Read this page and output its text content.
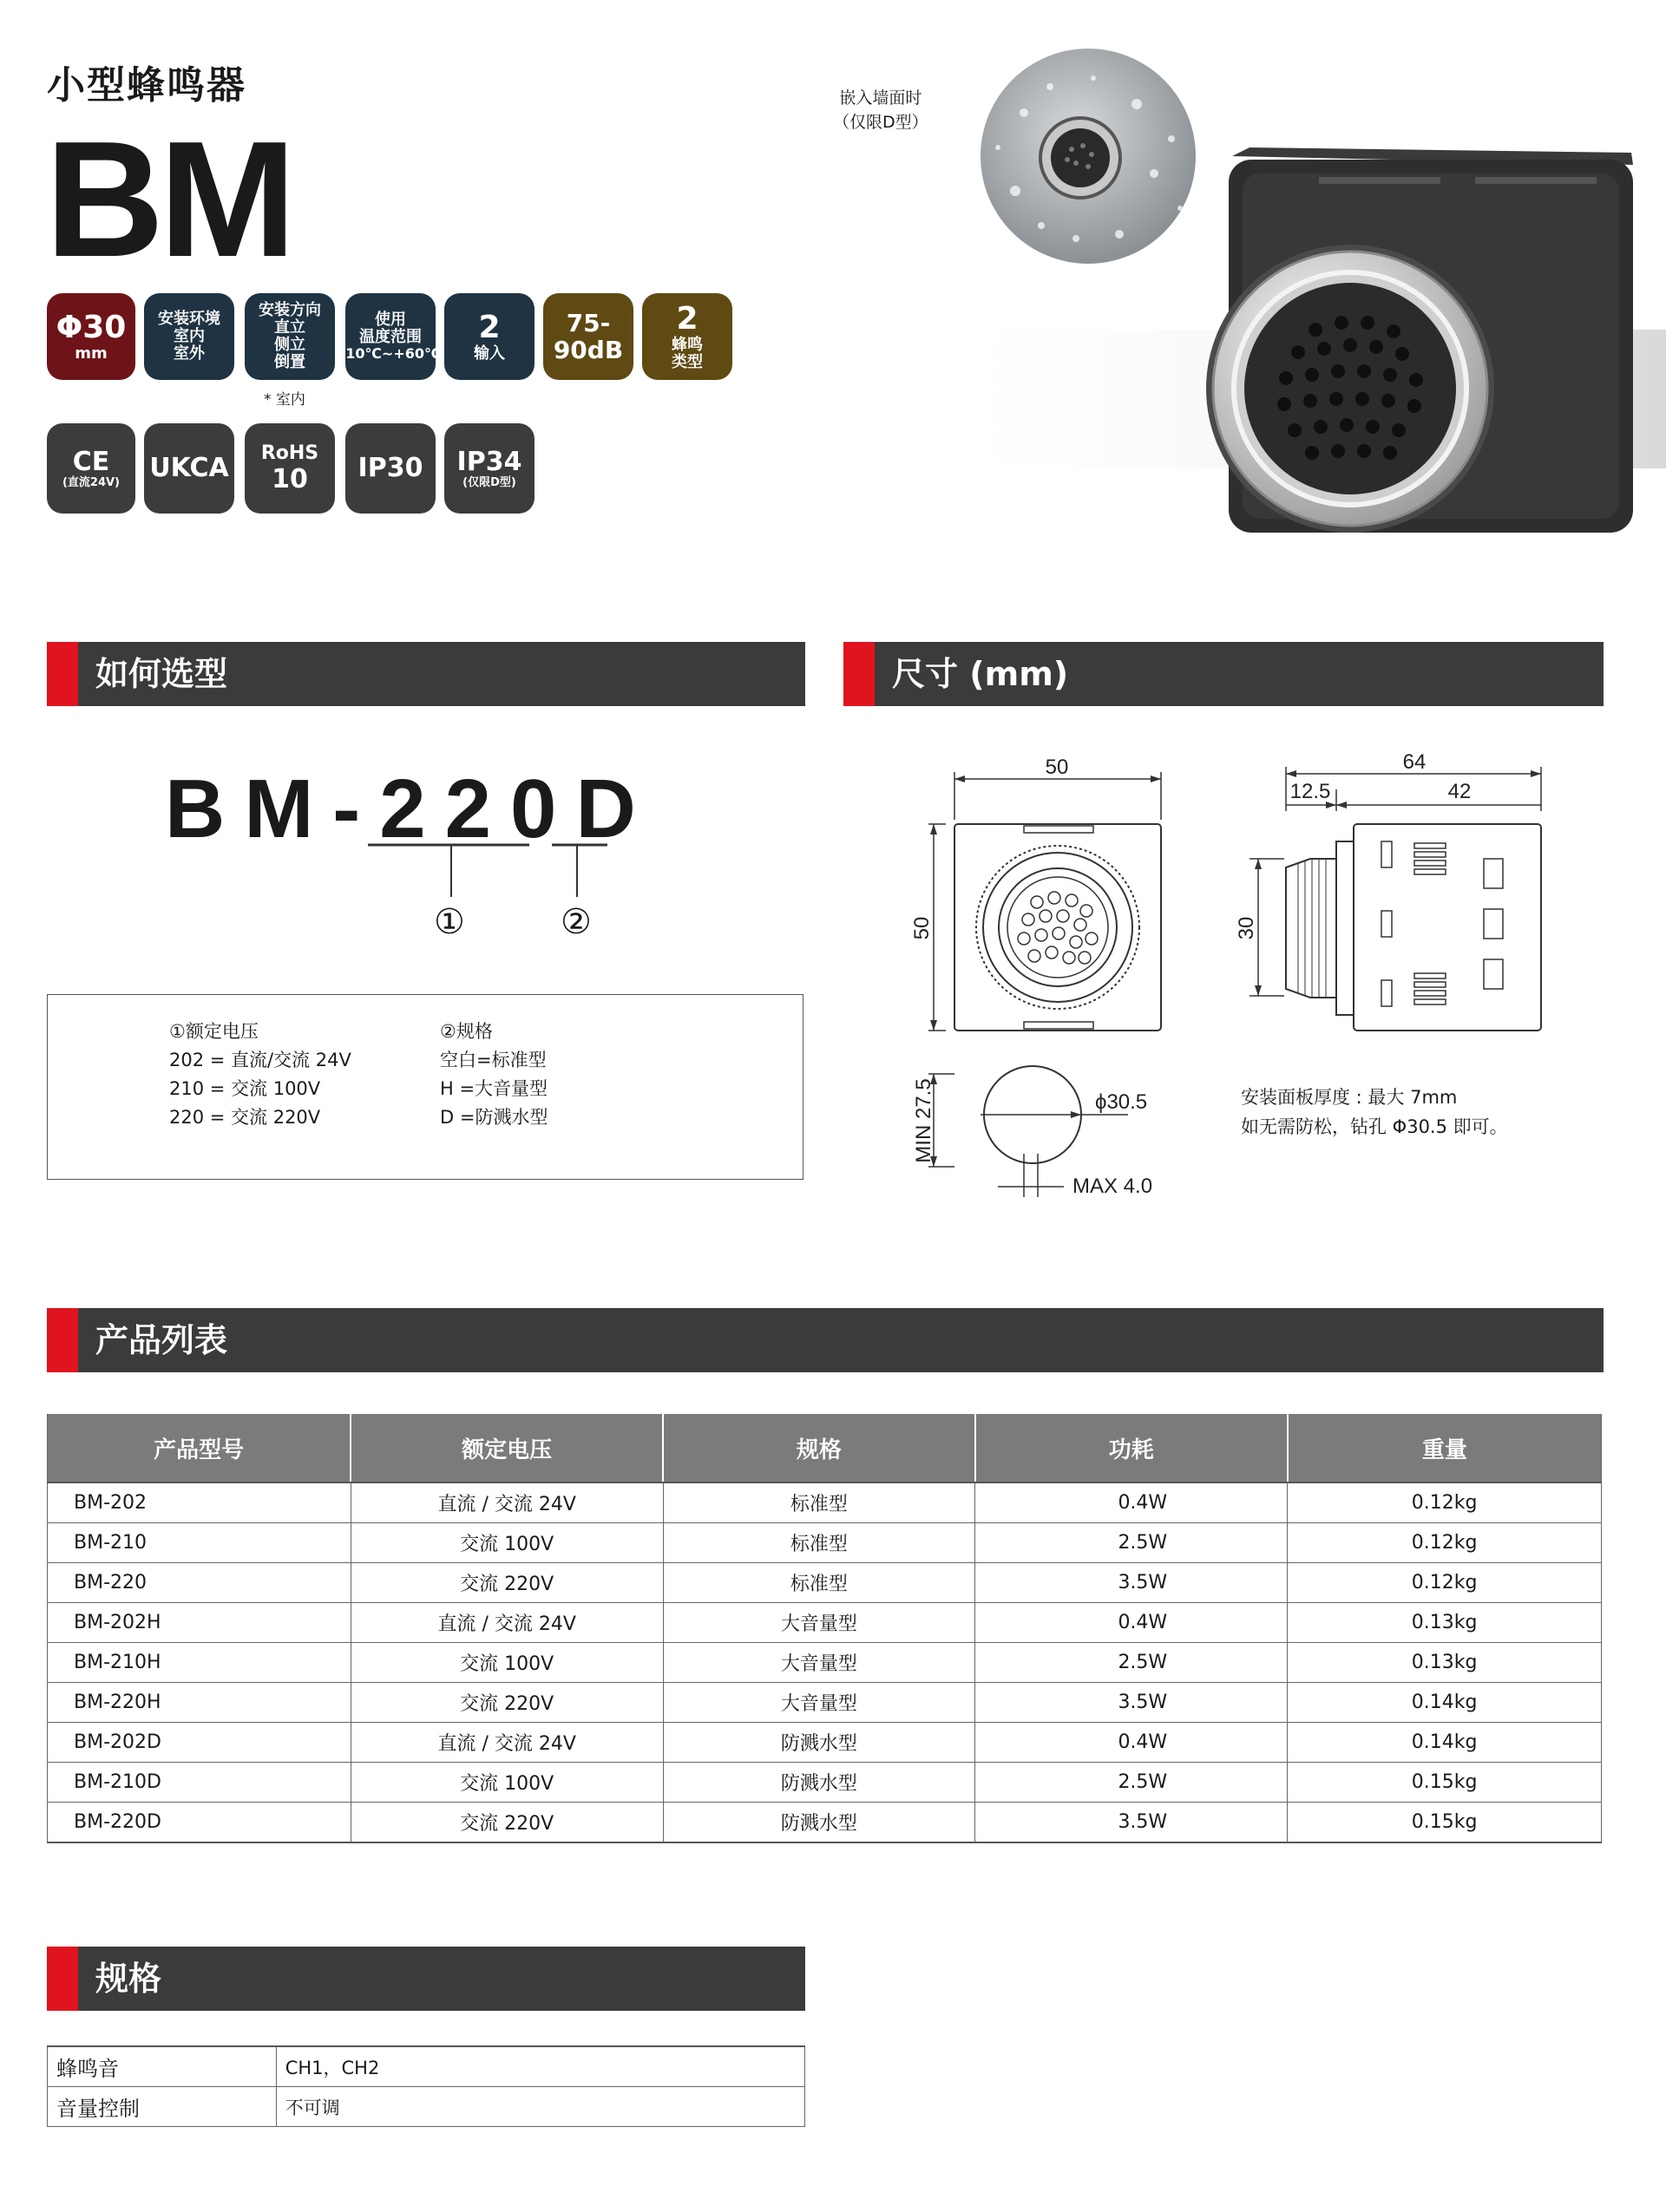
小型蜂鸣器
BM
Φ30
mm
安装环境
室内
室外
安装方向
直立
侧立
倒置
使用
温度范围
-10℃~+60℃
2
输入
75-90dB
2
蜂鸣
类型
* 室内
CE
(直流24V) UKCA RoHS
10 IP30 IP34
(仅限D型)
嵌入墙面时
（仅限D型）
如何选型	尺寸 (mm)
BM-220D
①	②
①额定电压
202 = 直流/交流 24V
210 = 交流 100V
220 = 交流 220V
②规格
空白=标准型
H =大音量型
D =防溅水型
50
50
MIN 27.5	ϕ30.5
MAX 4.0
64
12.5	42
30
安装面板厚度 : 最大 7mm
如无需防松，钻孔 Φ30.5 即可。
产品列表
产品型号	额定电压	规格	功耗	重量
BM-202	直流 / 交流 24V	标准型	0.4W	0.12kg
BM-210	交流 100V	标准型	2.5W	0.12kg
BM-220	交流 220V	标准型	3.5W	0.12kg
BM-202H	直流 / 交流 24V	大音量型	0.4W	0.13kg
BM-210H	交流 100V	大音量型	2.5W	0.13kg
BM-220H	交流 220V	大音量型	3.5W	0.14kg
BM-202D	直流 / 交流 24V	防溅水型	0.4W	0.14kg
BM-210D	交流 100V	防溅水型	2.5W	0.15kg
BM-220D	交流 220V	防溅水型	3.5W	0.15kg
规格
蜂鸣音	CH1，CH2
音量控制	不可调
